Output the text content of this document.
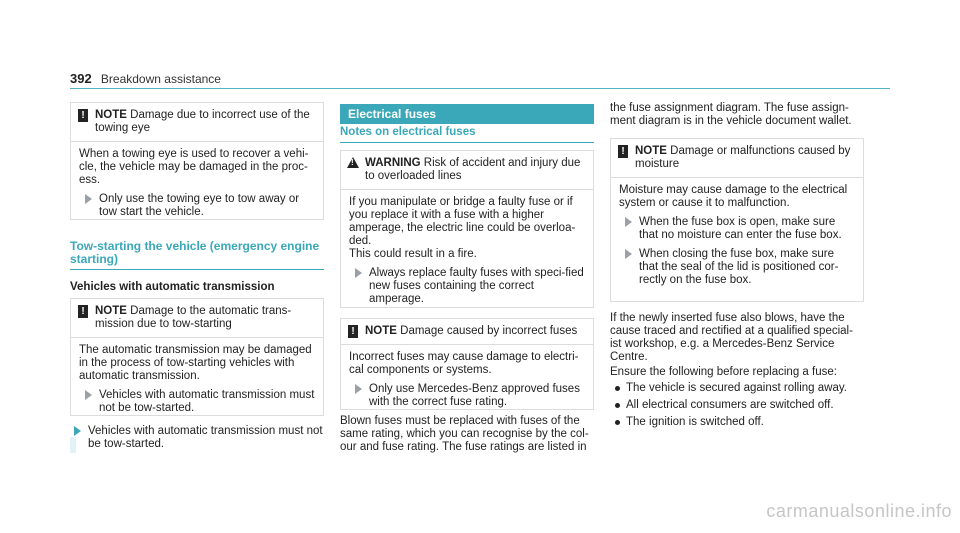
392 Breakdown assistance
! NOTE Damage due to incorrect use of the towing eye
When a towing eye is used to recover a vehi-cle, the vehicle may be damaged in the proc-ess.
Only use the towing eye to tow away or tow start the vehicle.
Tow-starting the vehicle (emergency engine starting)
Vehicles with automatic transmission
! NOTE Damage to the automatic trans-mission due to tow-starting
The automatic transmission may be damaged in the process of tow-starting vehicles with automatic transmission.
Vehicles with automatic transmission must not be tow-started.
Vehicles with automatic transmission must not be tow-started.
Electrical fuses
Notes on electrical fuses
! WARNING Risk of accident and injury due to overloaded lines
If you manipulate or bridge a faulty fuse or if you replace it with a fuse with a higher amperage, the electric line could be overloa-ded.
This could result in a fire.
Always replace faulty fuses with speci-fied new fuses containing the correct amperage.
! NOTE Damage caused by incorrect fuses
Incorrect fuses may cause damage to electri-cal components or systems.
Only use Mercedes-Benz approved fuses with the correct fuse rating.
Blown fuses must be replaced with fuses of the same rating, which you can recognise by the col-our and fuse rating. The fuse ratings are listed in
the fuse assignment diagram. The fuse assign-ment diagram is in the vehicle document wallet.
! NOTE Damage or malfunctions caused by moisture
Moisture may cause damage to the electrical system or cause it to malfunction.
When the fuse box is open, make sure that no moisture can enter the fuse box.
When closing the fuse box, make sure that the seal of the lid is positioned cor-rectly on the fuse box.
If the newly inserted fuse also blows, have the cause traced and rectified at a qualified special-ist workshop, e.g. a Mercedes-Benz Service Centre.
Ensure the following before replacing a fuse:
The vehicle is secured against rolling away.
All electrical consumers are switched off.
The ignition is switched off.
carmanualsonline.info
